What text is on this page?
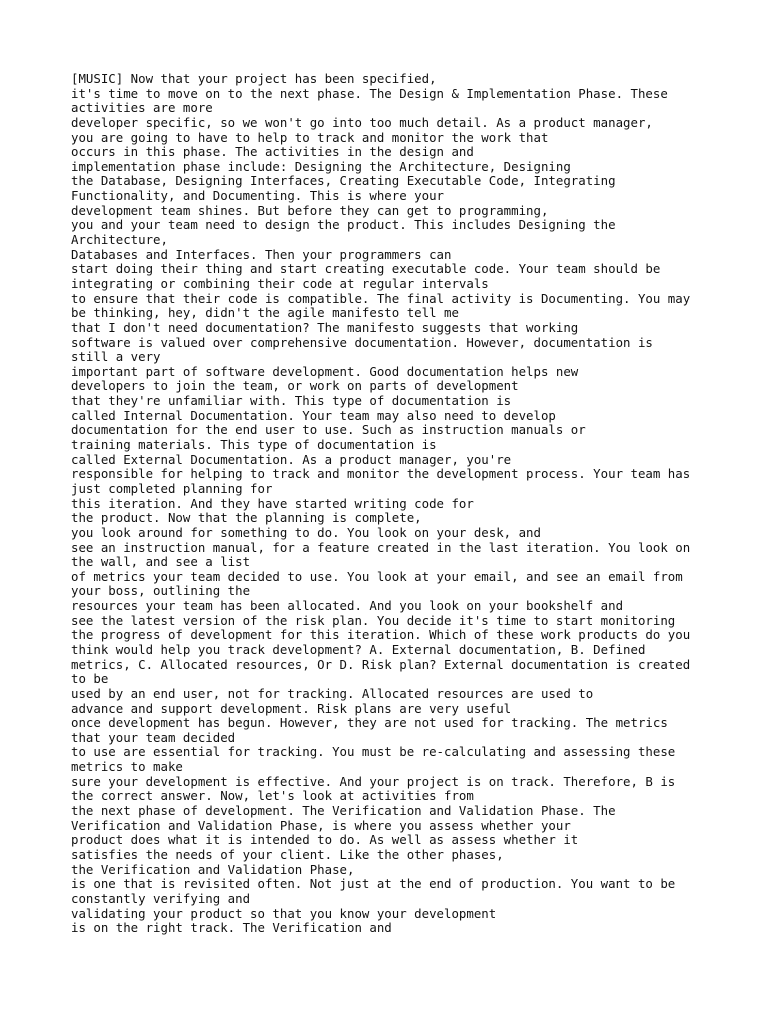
[MUSIC] Now that your project has been specified,
it's time to move on to the next phase. The Design & Implementation Phase. These
activities are more
developer specific, so we won't go into too much detail. As a product manager,
you are going to have to help to track and monitor the work that
occurs in this phase. The activities in the design and
implementation phase include: Designing the Architecture, Designing
the Database, Designing Interfaces, Creating Executable Code, Integrating
Functionality, and Documenting. This is where your
development team shines. But before they can get to programming,
you and your team need to design the product. This includes Designing the
Architecture,
Databases and Interfaces. Then your programmers can
start doing their thing and start creating executable code. Your team should be
integrating or combining their code at regular intervals
to ensure that their code is compatible. The final activity is Documenting. You may
be thinking, hey, didn't the agile manifesto tell me
that I don't need documentation? The manifesto suggests that working
software is valued over comprehensive documentation. However, documentation is
still a very
important part of software development. Good documentation helps new
developers to join the team, or work on parts of development
that they're unfamiliar with. This type of documentation is
called Internal Documentation. Your team may also need to develop
documentation for the end user to use. Such as instruction manuals or
training materials. This type of documentation is
called External Documentation. As a product manager, you're
responsible for helping to track and monitor the development process. Your team has
just completed planning for
this iteration. And they have started writing code for
the product. Now that the planning is complete,
you look around for something to do. You look on your desk, and
see an instruction manual, for a feature created in the last iteration. You look on
the wall, and see a list
of metrics your team decided to use. You look at your email, and see an email from
your boss, outlining the
resources your team has been allocated. And you look on your bookshelf and
see the latest version of the risk plan. You decide it's time to start monitoring
the progress of development for this iteration. Which of these work products do you
think would help you track development? A. External documentation, B. Defined
metrics, C. Allocated resources, Or D. Risk plan? External documentation is created
to be
used by an end user, not for tracking. Allocated resources are used to
advance and support development. Risk plans are very useful
once development has begun. However, they are not used for tracking. The metrics
that your team decided
to use are essential for tracking. You must be re-calculating and assessing these
metrics to make
sure your development is effective. And your project is on track. Therefore, B is
the correct answer. Now, let's look at activities from
the next phase of development. The Verification and Validation Phase. The
Verification and Validation Phase, is where you assess whether your
product does what it is intended to do. As well as assess whether it
satisfies the needs of your client. Like the other phases,
the Verification and Validation Phase,
is one that is revisited often. Not just at the end of production. You want to be
constantly verifying and
validating your product so that you know your development
is on the right track. The Verification and
